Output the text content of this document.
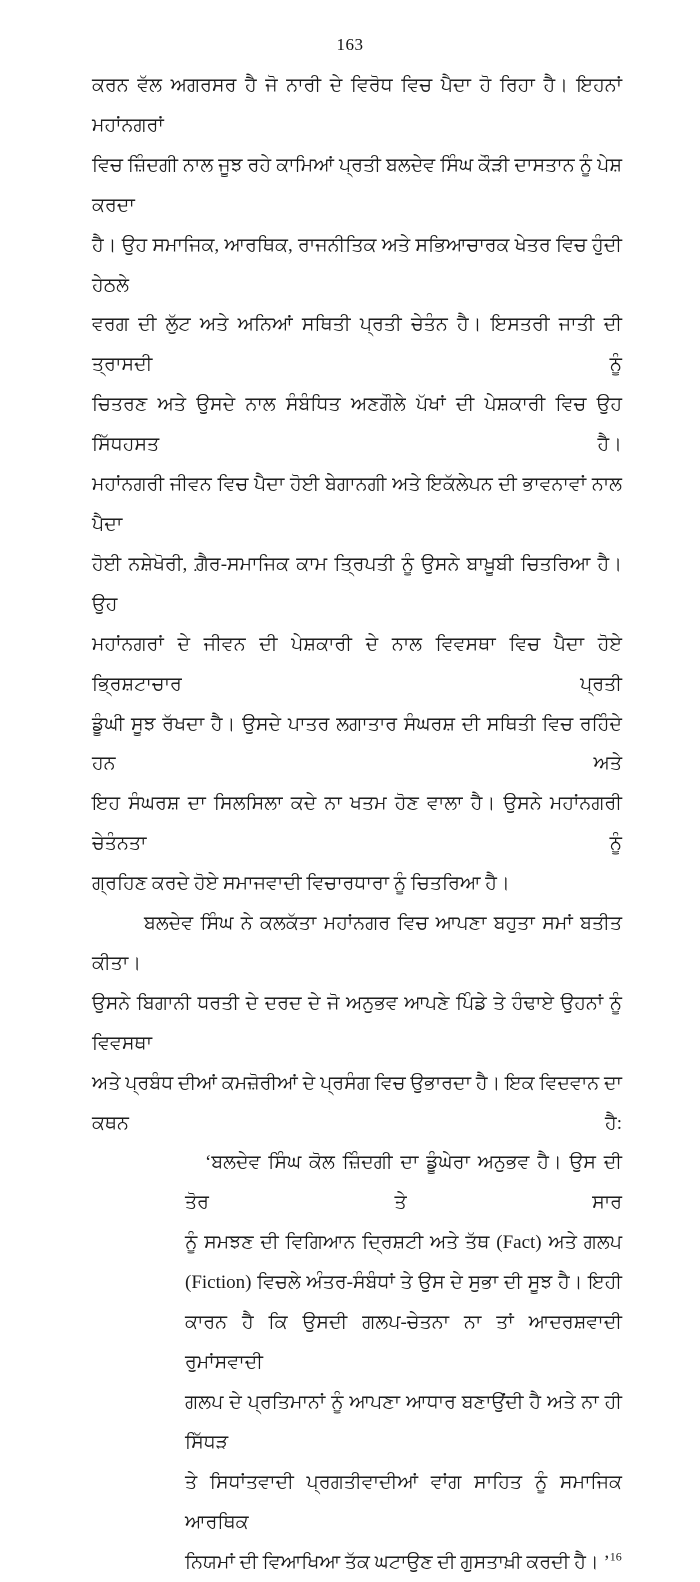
163
ਕਰਨ ਵੱਲ ਅਗਰਸਰ ਹੈ ਜੋ ਨਾਰੀ ਦੇ ਵਿਰੋਧ ਵਿਚ ਪੈਦਾ ਹੋ ਰਿਹਾ ਹੈ। ਇਹਨਾਂ ਮਹਾਂਨਗਰਾਂ
ਵਿਚ ਜ਼ਿੰਦਗੀ ਨਾਲ ਜੂਝ ਰਹੇ ਕਾਮਿਆਂ ਪ੍ਰਤੀ ਬਲਦੇਵ ਸਿੰਘ ਕੌੜੀ ਦਾਸਤਾਨ ਨੂੰ ਪੇਸ਼ ਕਰਦਾ
ਹੈ। ਉਹ ਸਮਾਜਿਕ, ਆਰਥਿਕ, ਰਾਜਨੀਤਿਕ ਅਤੇ ਸਭਿਆਚਾਰਕ ਖੇਤਰ ਵਿਚ ਹੁੰਦੀ ਹੇਠਲੇ
ਵਰਗ ਦੀ ਲੁੱਟ ਅਤੇ ਅਨਿਆਂ ਸਥਿਤੀ ਪ੍ਰਤੀ ਚੇਤੰਨ ਹੈ। ਇਸਤਰੀ ਜਾਤੀ ਦੀ ਤ੍ਰਾਸਦੀ ਨੂੰ
ਚਿਤਰਣ ਅਤੇ ਉਸਦੇ ਨਾਲ ਸੰਬੰਧਿਤ ਅਣਗੌਲੇ ਪੱਖਾਂ ਦੀ ਪੇਸ਼ਕਾਰੀ ਵਿਚ ਉਹ ਸਿੱਧਹਸਤ ਹੈ।
ਮਹਾਂਨਗਰੀ ਜੀਵਨ ਵਿਚ ਪੈਦਾ ਹੋਈ ਬੇਗਾਨਗੀ ਅਤੇ ਇਕੱਲੇਪਨ ਦੀ ਭਾਵਨਾਵਾਂ ਨਾਲ ਪੈਦਾ
ਹੋਈ ਨਸ਼ੇਖੋਰੀ, ਗ਼ੈਰ-ਸਮਾਜਿਕ ਕਾਮ ਤ੍ਰਿਪਤੀ ਨੂੰ ਉਸਨੇ ਬਾਖ਼ੂਬੀ ਚਿਤਰਿਆ ਹੈ। ਉਹ
ਮਹਾਂਨਗਰਾਂ ਦੇ ਜੀਵਨ ਦੀ ਪੇਸ਼ਕਾਰੀ ਦੇ ਨਾਲ ਵਿਵਸਥਾ ਵਿਚ ਪੈਦਾ ਹੋਏ ਭ੍ਰਿਸ਼ਟਾਚਾਰ ਪ੍ਰਤੀ
ਡੂੰਘੀ ਸੂਝ ਰੱਖਦਾ ਹੈ। ਉਸਦੇ ਪਾਤਰ ਲਗਾਤਾਰ ਸੰਘਰਸ਼ ਦੀ ਸਥਿਤੀ ਵਿਚ ਰਹਿੰਦੇ ਹਨ ਅਤੇ
ਇਹ ਸੰਘਰਸ਼ ਦਾ ਸਿਲਸਿਲਾ ਕਦੇ ਨਾ ਖਤਮ ਹੋਣ ਵਾਲਾ ਹੈ। ਉਸਨੇ ਮਹਾਂਨਗਰੀ ਚੇਤੰਨਤਾ ਨੂੰ
ਗ੍ਰਹਿਣ ਕਰਦੇ ਹੋਏ ਸਮਾਜਵਾਦੀ ਵਿਚਾਰਧਾਰਾ ਨੂੰ ਚਿਤਰਿਆ ਹੈ।
ਬਲਦੇਵ ਸਿੰਘ ਨੇ ਕਲਕੱਤਾ ਮਹਾਂਨਗਰ ਵਿਚ ਆਪਣਾ ਬਹੁਤਾ ਸਮਾਂ ਬਤੀਤ ਕੀਤਾ।
ਉਸਨੇ ਬਿਗਾਨੀ ਧਰਤੀ ਦੇ ਦਰਦ ਦੇ ਜੋ ਅਨੁਭਵ ਆਪਣੇ ਪਿੰਡੇ ਤੇ ਹੰਢਾਏ ਉਹਨਾਂ ਨੂੰ ਵਿਵਸਥਾ
ਅਤੇ ਪ੍ਰਬੰਧ ਦੀਆਂ ਕਮਜ਼ੋਰੀਆਂ ਦੇ ਪ੍ਰਸੰਗ ਵਿਚ ਉਭਾਰਦਾ ਹੈ। ਇਕ ਵਿਦਵਾਨ ਦਾ ਕਥਨ ਹੈ:
‘ਬਲਦੇਵ ਸਿੰਘ ਕੋਲ ਜ਼ਿੰਦਗੀ ਦਾ ਡੂੰਘੇਰਾ ਅਨੁਭਵ ਹੈ। ਉਸ ਦੀ ਤੋਰ ਤੇ ਸਾਰ
ਨੂੰ ਸਮਝਣ ਦੀ ਵਿਗਿਆਨ ਦ੍ਰਿਸ਼ਟੀ ਅਤੇ ਤੱਥ (Fact) ਅਤੇ ਗਲਪ
(Fiction) ਵਿਚਲੇ ਅੰਤਰ-ਸੰਬੰਧਾਂ ਤੇ ਉਸ ਦੇ ਸੁਭਾ ਦੀ ਸੂਝ ਹੈ। ਇਹੀ
ਕਾਰਨ ਹੈ ਕਿ ਉਸਦੀ ਗਲਪ-ਚੇਤਨਾ ਨਾ ਤਾਂ ਆਦਰਸ਼ਵਾਦੀ ਰੁਮਾਂਸਵਾਦੀ
ਗਲਪ ਦੇ ਪ੍ਰਤਿਮਾਨਾਂ ਨੂੰ ਆਪਣਾ ਆਧਾਰ ਬਣਾਉਂਦੀ ਹੈ ਅਤੇ ਨਾ ਹੀ ਸਿੱਧੜ
ਤੇ ਸਿਧਾਂਤਵਾਦੀ ਪ੍ਰਗਤੀਵਾਦੀਆਂ ਵਾਂਗ ਸਾਹਿਤ ਨੂੰ ਸਮਾਜਿਕ ਆਰਥਿਕ
ਨਿਯਮਾਂ ਦੀ ਵਿਆਖਿਆ ਤੱਕ ਘਟਾਉਣ ਦੀ ਗੁਸਤਾਖ਼ੀ ਕਰਦੀ ਹੈ। ’$^{16}$
